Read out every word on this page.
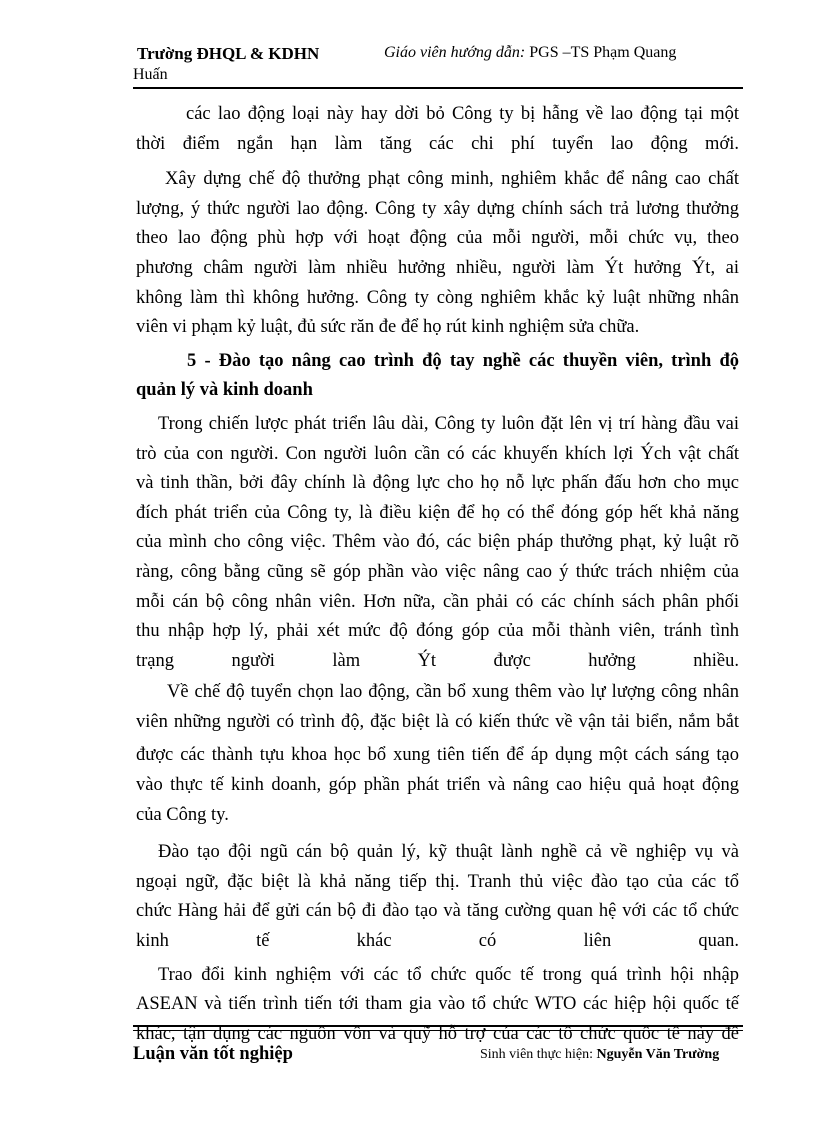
Trường ĐHQL & KDHN	Giáo viên hướng dẫn: PGS –TS Phạm Quang
Huấn
các lao động loại này hay dời bỏ Công ty bị hẫng về lao động tại một
thời điểm ngắn hạn làm tăng các chi phí tuyển lao động mới.
Xây dựng chế độ thưởng phạt công minh, nghiêm khắc để nâng cao chất
lượng, ý thức người lao động. Công ty xây dựng chính sách trả lương thưởng
theo lao động phù hợp với hoạt động của mỗi người, mỗi chức vụ, theo
phương châm người làm nhiều hưởng nhiều, người làm Ýt hưởng Ýt, ai
không làm thì không hưởng. Công ty còng nghiêm khắc kỷ luật những nhân
viên vi phạm kỷ luật, đủ sức răn đe để họ rút kinh nghiệm sửa chữa.
5 - Đào tạo nâng cao trình độ tay nghề các thuyền viên, trình độ
quản lý và kinh doanh
Trong chiến lược phát triển lâu dài, Công ty luôn đặt lên vị trí hàng đầu vai
trò của con người. Con người luôn cần có các khuyến khích lợi Ých vật chất
và tinh thần, bởi đây chính là động lực cho họ nỗ lực phấn đấu hơn cho mục
đích phát triển của Công ty, là điều kiện để họ có thể đóng góp hết khả năng
của mình cho công việc. Thêm vào đó, các biện pháp thưởng phạt, kỷ luật rõ
ràng, công bằng cũng sẽ góp phần vào việc nâng cao ý thức trách nhiệm của
mỗi cán bộ công nhân viên. Hơn nữa, cần phải có các chính sách phân phối
thu nhập hợp lý, phải xét mức độ đóng góp của mỗi thành viên, tránh tình
trạng người làm Ýt được hưởng nhiều.
Về chế độ tuyển chọn lao động, cần bổ xung thêm vào lự lượng công nhân
viên những người có trình độ, đặc biệt là có kiến thức về vận tải biển, nắm bắt
được các thành tựu khoa học bổ xung tiên tiến để áp dụng một cách sáng tạo
vào thực tế kinh doanh, góp phần phát triển và nâng cao hiệu quả hoạt động
của Công ty.
Đào tạo đội ngũ cán bộ quản lý, kỹ thuật lành nghề cả về nghiệp vụ và
ngoại ngữ, đặc biệt là khả năng tiếp thị. Tranh thủ việc đào tạo của các tổ
chức Hàng hải để gửi cán bộ đi đào tạo và tăng cường quan hệ với các tổ chức
kinh tế khác có liên quan.
Trao đổi kinh nghiệm với các tổ chức quốc tế trong quá trình hội nhập
ASEAN và tiến trình tiến tới tham gia vào tổ chức WTO các hiệp hội quốc tế
khác, tận dụng các nguồn vốn và quỹ hỗ trợ của các tổ chức quốc tế này để
Luận văn tốt nghiệp	Sinh viên thực hiện: Nguyễn Văn Trường
